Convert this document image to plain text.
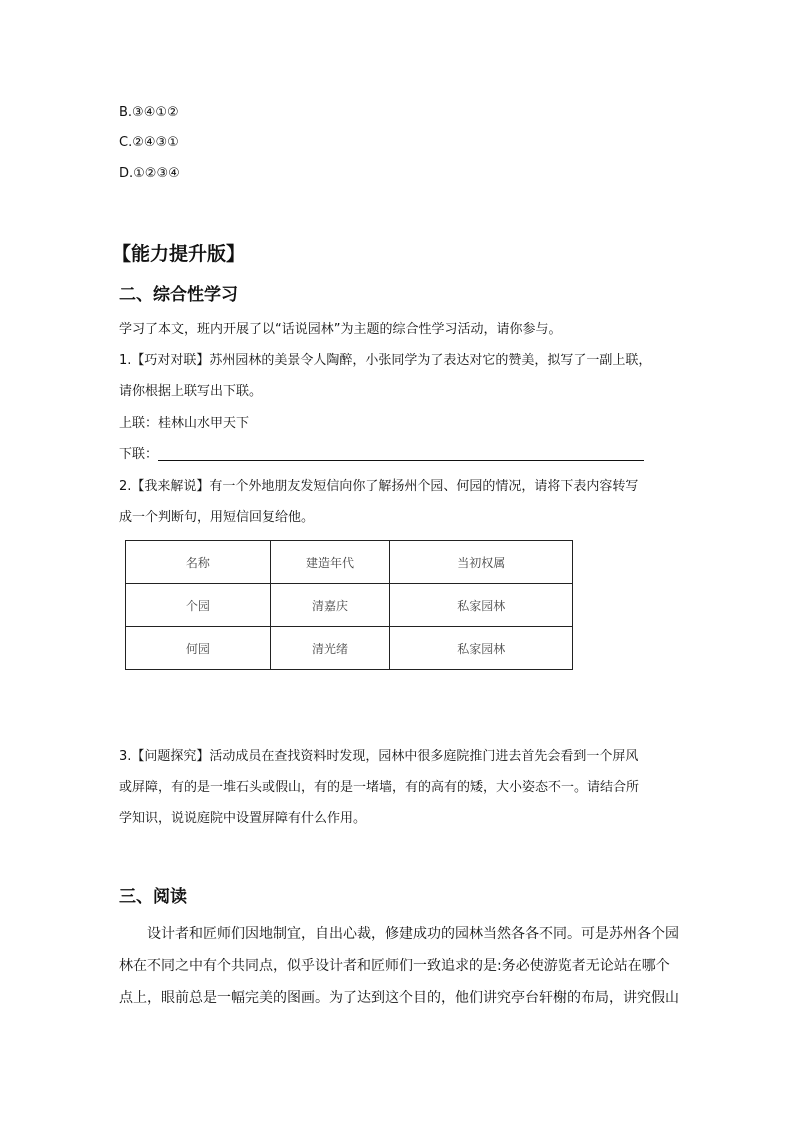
B.③④①②
C.②④③①
D.①②③④
【能力提升版】
二、综合性学习
学习了本文，班内开展了以“话说园林”为主题的综合性学习活动，请你参与。
1.【巧对对联】苏州园林的美景令人陶醉，小张同学为了表达对它的赞美，拟写了一副上联，
请你根据上联写出下联。
上联：桂林山水甲天下
下联：
2.【我来解说】有一个外地朋友发短信向你了解扬州个园、何园的情况，请将下表内容转写
成一个判断句，用短信回复给他。
名称	建造年代	当初权属
个园	清嘉庆	私家园林
何园	清光绪	私家园林
3.【问题探究】活动成员在查找资料时发现，园林中很多庭院推门进去首先会看到一个屏风
或屏障，有的是一堆石头或假山，有的是一堵墙，有的高有的矮，大小姿态不一。请结合所
学知识，说说庭院中设置屏障有什么作用。
三、阅读
设计者和匠师们因地制宜，自出心裁，修建成功的园林当然各各不同。可是苏州各个园
林在不同之中有个共同点，似乎设计者和匠师们一致追求的是:务必使游览者无论站在哪个
点上，眼前总是一幅完美的图画。为了达到这个目的，他们讲究亭台轩榭的布局，讲究假山
